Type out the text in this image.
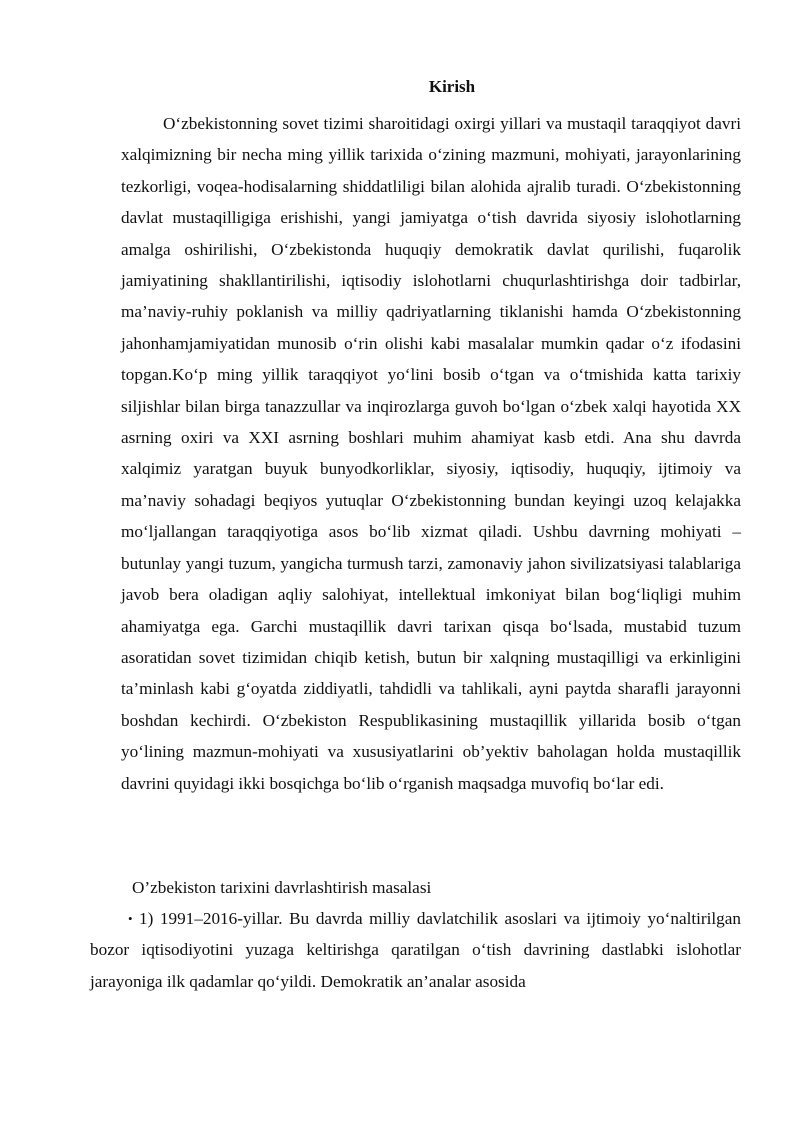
Kirish

O‘zbekistonning sovet tizimi sharoitidagi oxirgi yillari va mustaqil taraqqiyot davri xalqimizning bir necha ming yillik tarixida o‘zining mazmuni, mohiyati, jarayonlarining tezkorligi, voqea-hodisalarning shiddatliligi bilan alohida ajralib turadi. O‘zbekistonning davlat mustaqilligiga erishishi, yangi jamiyatga o‘tish davrida siyosiy islohotlarning amalga oshirilishi, O‘zbekistonda huquqiy demokratik davlat qurilishi, fuqarolik jamiyatining shakllantirilishi, iqtisodiy islohotlarni chuqurlashtirishga doir tadbirlar, ma’naviy-ruhiy poklanish va milliy qadriyatlarning tiklanishi hamda O‘zbekistonning jahonhamjamiyatidan munosib o‘rin olishi kabi masalalar mumkin qadar o‘z ifodasini topgan.Ko‘p ming yillik taraqqiyot yo‘lini bosib o‘tgan va o‘tmishida katta tarixiy siljishlar bilan birga tanazzullar va inqirozlarga guvoh bo‘lgan o‘zbek xalqi hayotida XX asrning oxiri va XXI asrning boshlari muhim ahamiyat kasb etdi. Ana shu davrda xalqimiz yaratgan buyuk bunyodkorliklar, siyosiy, iqtisodiy, huquqiy, ijtimoiy va ma’naviy sohadagi beqiyos yutuqlar O‘zbekistonning bundan keyingi uzoq kelajakka mo‘ljallangan taraqqiyotiga asos bo‘lib xizmat qiladi. Ushbu davrning mohiyati – butunlay yangi tuzum, yangicha turmush tarzi, zamonaviy jahon sivilizatsiyasi talablariga javob bera oladigan aqliy salohiyat, intellektual imkoniyat bilan bog‘liqligi muhim ahamiyatga ega. Garchi mustaqillik davri tarixan qisqa bo‘lsada, mustabid tuzum asoratidan sovet tizimidan chiqib ketish, butun bir xalqning mustaqilligi va erkinligini ta’minlash kabi g‘oyatda ziddiyatli, tahdidli va tahlikali, ayni paytda sharafli jarayonni boshdan kechirdi. O‘zbekiston Respublikasining mustaqillik yillarida bosib o‘tgan yo‘lining mazmun-mohiyati va xususiyatlarini ob’yektiv baholagan holda mustaqillik davrini quyidagi ikki bosqichga bo‘lib o‘rganish maqsadga muvofiq bo‘lar edi.

O’zbekiston tarixini davrlashtirish masalasi

• 1) 1991–2016-yillar. Bu davrda milliy davlatchilik asoslari va ijtimoiy yo‘naltirilgan bozor iqtisodiyotini yuzaga keltirishga qaratilgan o‘tish davrining dastlabki islohotlar jarayoniga ilk qadamlar qo‘yildi. Demokratik an’analar asosida
